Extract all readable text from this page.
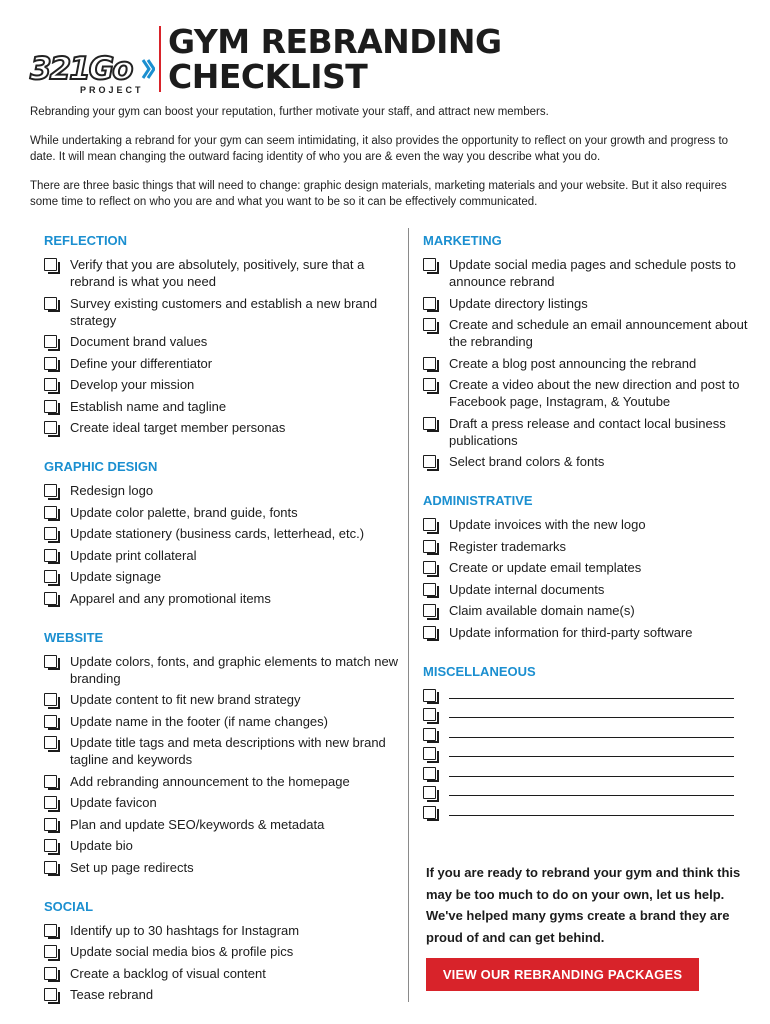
321Go
PROJECT
GYM REBRANDING
CHECKLIST

Rebranding your gym can boost your reputation, further motivate your staff, and attract new members.

While undertaking a rebrand for your gym can seem intimidating, it also provides the opportunity to reflect on your growth and progress to date. It will mean changing the outward facing identity of who you are & even the way you describe what you do.

There are three basic things that will need to change: graphic design materials, marketing materials and your website. But it also requires some time to reflect on who you are and what you want to be so it can be effectively communicated.

REFLECTION
Verify that you are absolutely, positively, sure that a rebrand is what you need
Survey existing customers and establish a new brand strategy
Document brand values
Define your differentiator
Develop your mission
Establish name and tagline
Create ideal target member personas
GRAPHIC DESIGN
Redesign logo
Update color palette, brand guide, fonts
Update stationery (business cards, letterhead, etc.)
Update print collateral
Update signage
Apparel and any promotional items
WEBSITE
Update colors, fonts, and graphic elements to match new branding
Update content to fit new brand strategy
Update name in the footer (if name changes)
Update title tags and meta descriptions with new brand tagline and keywords
Add rebranding announcement to the homepage
Update favicon
Plan and update SEO/keywords & metadata
Update bio
Set up page redirects
SOCIAL
Identify up to 30 hashtags for Instagram
Update social media bios & profile pics
Create a backlog of visual content
Tease rebrand
MARKETING
Update social media pages and schedule posts to announce rebrand
Update directory listings
Create and schedule an email announcement about the rebranding
Create a blog post announcing the rebrand
Create a video about the new direction and post to Facebook page, Instagram, & Youtube
Draft a press release and contact local business publications
Select brand colors & fonts
ADMINISTRATIVE
Update invoices with the new logo
Register trademarks
Create or update email templates
Update internal documents
Claim available domain name(s)
Update information for third-party software
MISCELLANEOUS
If you are ready to rebrand your gym and think this may be too much to do on your own, let us help. We've helped many gyms create a brand they are proud of and can get behind.
VIEW OUR REBRANDING PACKAGES
